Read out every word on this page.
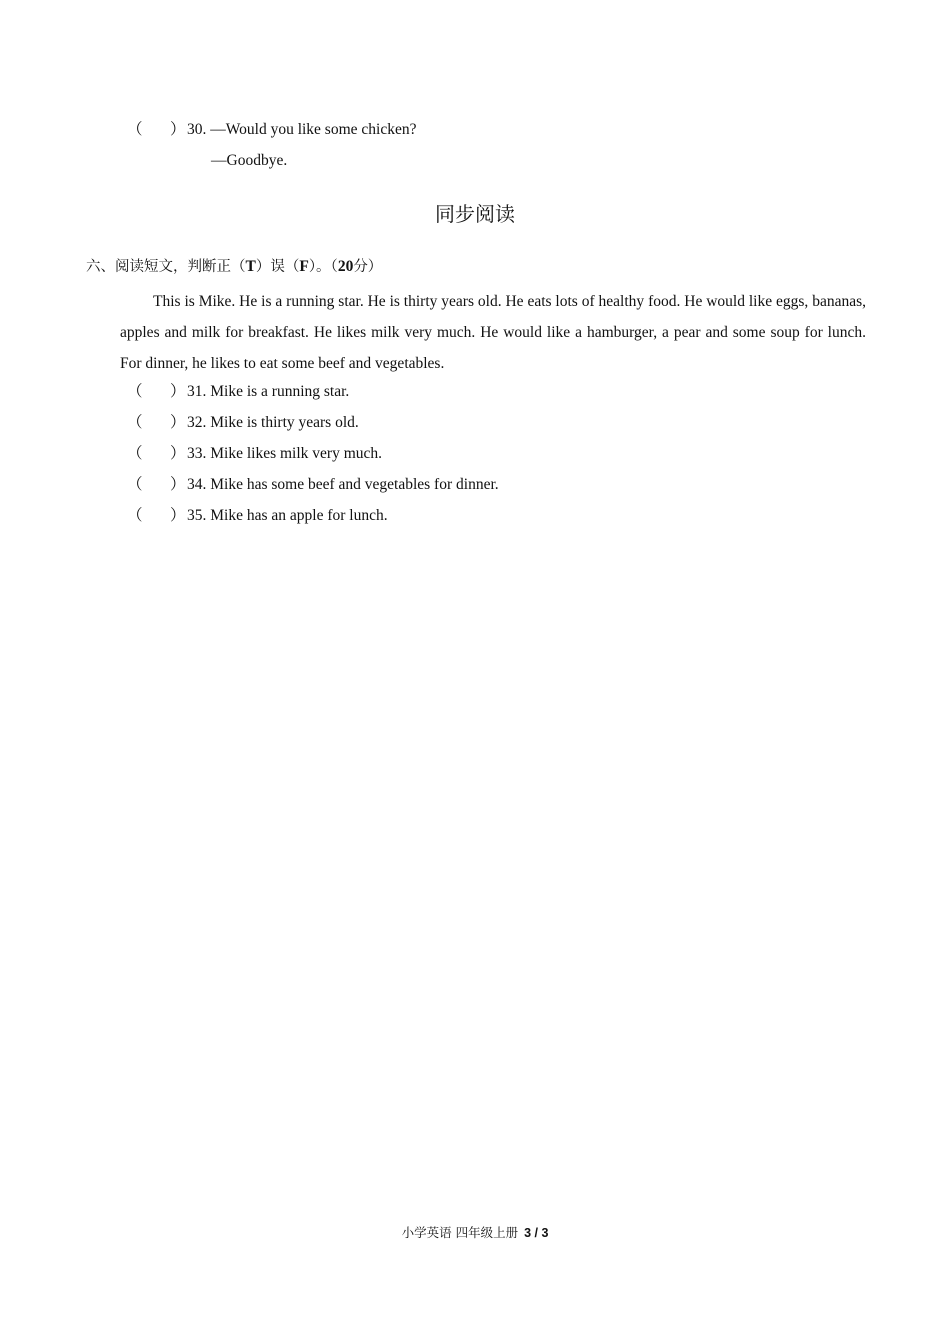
（ ） 30. —Would you like some chicken?
—Goodbye.
同步阅读
六、阅读短文，判断正（T）误（F）。（20分）
This is Mike. He is a running star. He is thirty years old. He eats lots of healthy food. He would like eggs, bananas, apples and milk for breakfast. He likes milk very much. He would like a hamburger, a pear and some soup for lunch. For dinner, he likes to eat some beef and vegetables.
（ ） 31. Mike is a running star.
（ ） 32. Mike is thirty years old.
（ ） 33. Mike likes milk very much.
（ ） 34. Mike has some beef and vegetables for dinner.
（ ） 35. Mike has an apple for lunch.
小学英语 四年级上册 3 / 3
